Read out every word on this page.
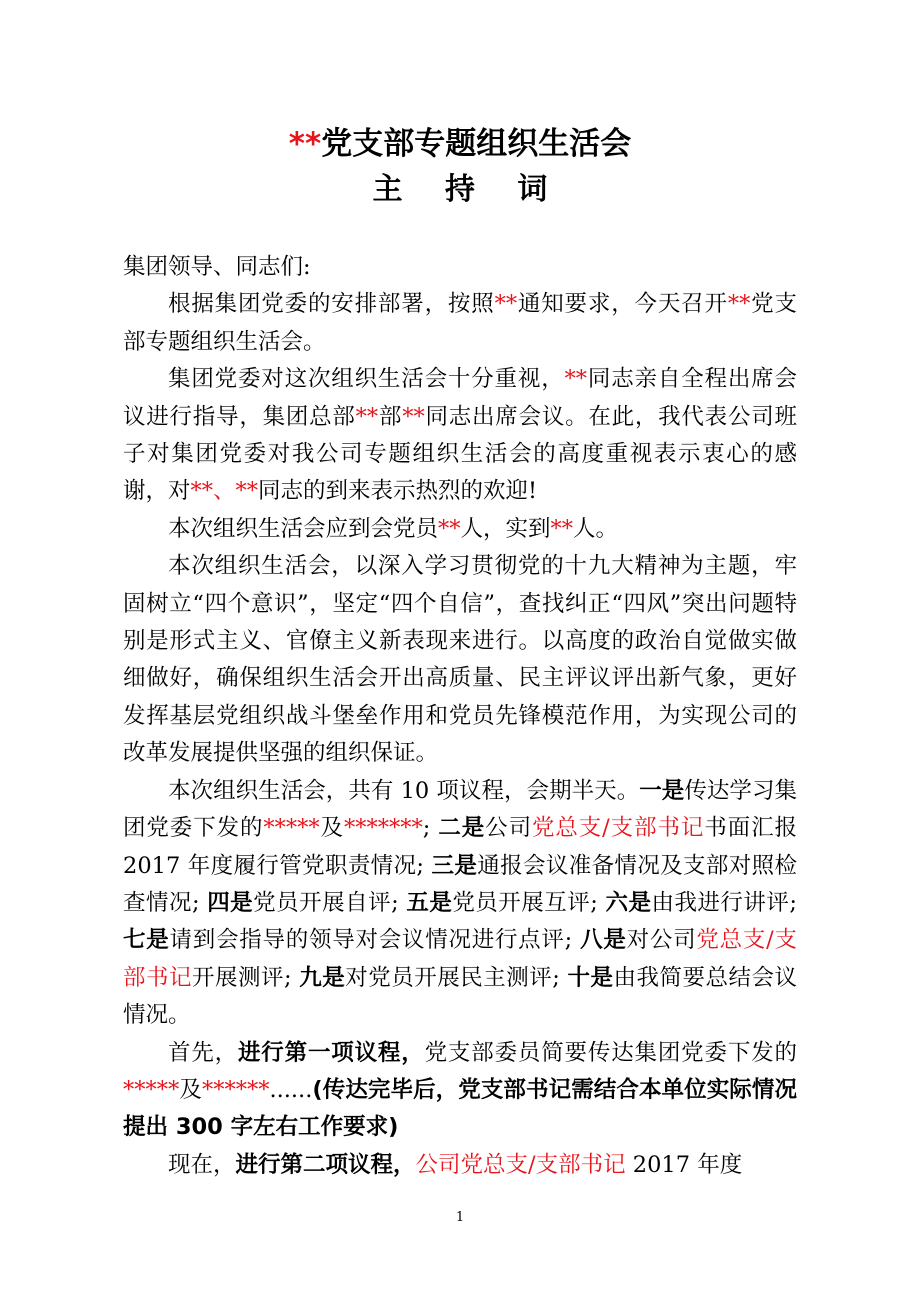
**党支部专题组织生活会
主 持 词

集团领导、同志们:

根据集团党委的安排部署，按照**通知要求，今天召开**党支部专题组织生活会。

集团党委对这次组织生活会十分重视，**同志亲自全程出席会议进行指导，集团总部**部**同志出席会议。在此，我代表公司班子对集团党委对我公司专题组织生活会的高度重视表示衷心的感谢，对**、**同志的到来表示热烈的欢迎!

本次组织生活会应到会党员**人，实到**人。

本次组织生活会，以深入学习贯彻党的十九大精神为主题，牢固树立“四个意识”，坚定“四个自信”，查找纠正“四风”突出问题特别是形式主义、官僚主义新表现来进行。以高度的政治自觉做实做细做好，确保组织生活会开出高质量、民主评议评出新气象，更好发挥基层党组织战斗堡垒作用和党员先锋模范作用，为实现公司的改革发展提供坚强的组织保证。

本次组织生活会，共有 10 项议程，会期半天。一是传达学习集团党委下发的*****及*******; 二是公司党总支/支部书记书面汇报 2017 年度履行管党职责情况; 三是通报会议准备情况及支部对照检查情况; 四是党员开展自评; 五是党员开展互评; 六是由我进行讲评; 七是请到会指导的领导对会议情况进行点评; 八是对公司党总支/支部书记开展测评; 九是对党员开展民主测评; 十是由我简要总结会议情况。

首先，进行第一项议程，党支部委员简要传达集团党委下发的*****及******......(传达完毕后，党支部书记需结合本单位实际情况提出 300 字左右工作要求)

现在，进行第二项议程，公司党总支/支部书记 2017 年度

1
